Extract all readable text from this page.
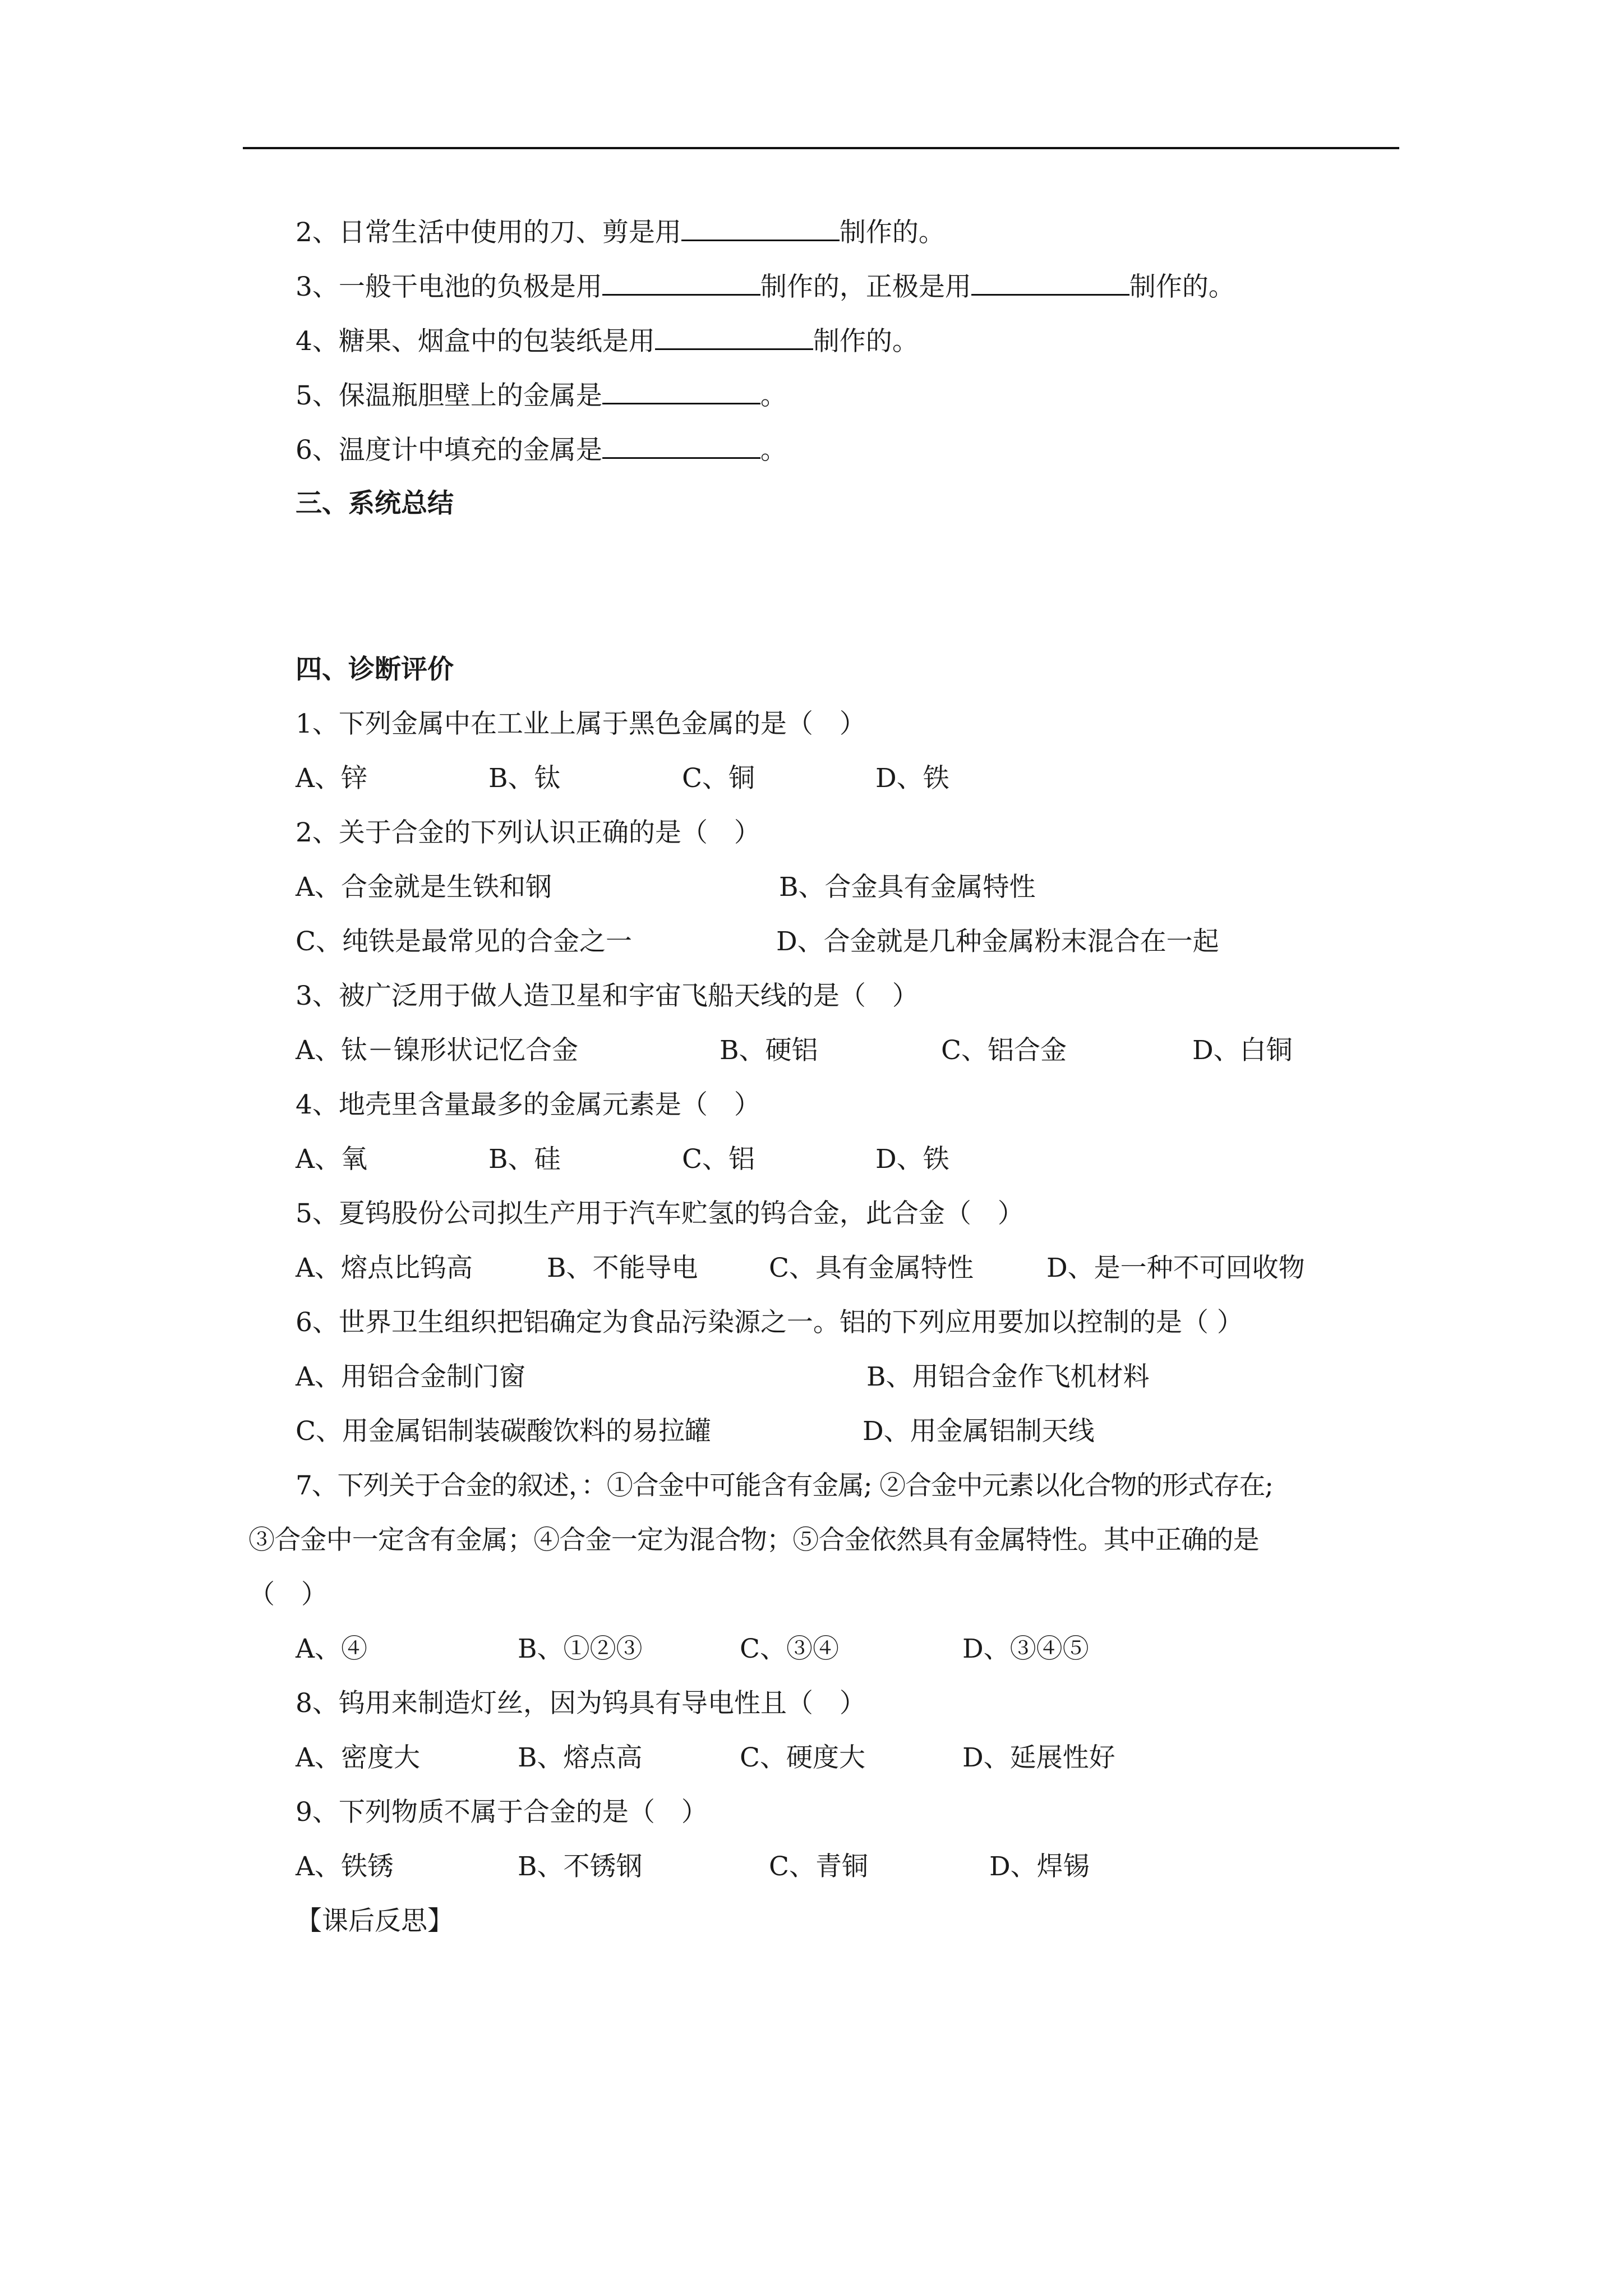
2、日常生活中使用的刀、剪是用	制作的。
3、一般干电池的负极是用	制作的，正极是用	制作的。
4、糖果、烟盒中的包装纸是用	制作的。
5、保温瓶胆壁上的金属是	。
6、温度计中填充的金属是	。
三、系统总结
四、诊断评价
1、下列金属中在工业上属于黑色金属的是（　）
A、锌	B、钛	C、铜	D、铁
2、关于合金的下列认识正确的是（　）
A、合金就是生铁和钢	B、合金具有金属特性
C、纯铁是最常见的合金之一	D、合金就是几种金属粉末混合在一起
3、被广泛用于做人造卫星和宇宙飞船天线的是（　）
A、钛－镍形状记忆合金	B、硬铝	C、铝合金	D、白铜
4、地壳里含量最多的金属元素是（　）
A、氧	B、硅	C、铝	D、铁
5、夏钨股份公司拟生产用于汽车贮氢的钨合金，此合金（　）
A、熔点比钨高	B、不能导电	C、具有金属特性	D、是一种不可回收物
6、世界卫生组织把铝确定为食品污染源之一。铝的下列应用要加以控制的是（ ）
A、用铝合金制门窗	B、用铝合金作飞机材料
C、用金属铝制装碳酸饮料的易拉罐	D、用金属铝制天线
7、下列关于合金的叙述，：①合金中可能含有金属; ②合金中元素以化合物的形式存在;
③合金中一定含有金属；④合金一定为混合物；⑤合金依然具有金属特性。其中正确的是
（　）
A、④	B、①②③	C、③④	D、③④⑤
8、钨用来制造灯丝，因为钨具有导电性且（　）
A、密度大	B、熔点高	C、硬度大	D、延展性好
9、下列物质不属于合金的是（　）
A、铁锈	B、不锈钢	C、青铜	D、焊锡
【课后反思】
